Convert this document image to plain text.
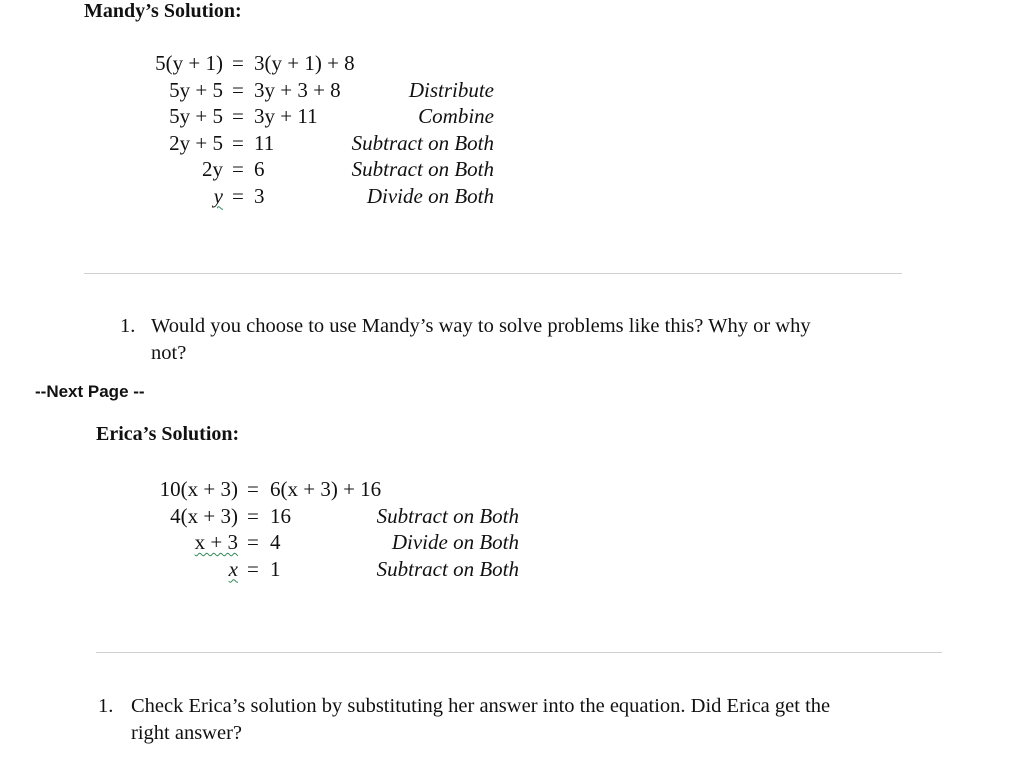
Mandy’s Solution:
5(y + 1) = 3(y + 1) + 8
5y + 5 = 3y + 3 + 8	Distribute
5y + 5 = 3y + 11	Combine
2y + 5 = 11	Subtract on Both
2y = 6	Subtract on Both
y = 3	Divide on Both
1. Would you choose to use Mandy’s way to solve problems like this? Why or why
not?
--Next Page --
Erica’s Solution:
10(x + 3) = 6(x + 3) + 16
4(x + 3) = 16	Subtract on Both
x + 3 = 4	Divide on Both
x = 1	Subtract on Both
1. Check Erica’s solution by substituting her answer into the equation. Did Erica get the
right answer?
